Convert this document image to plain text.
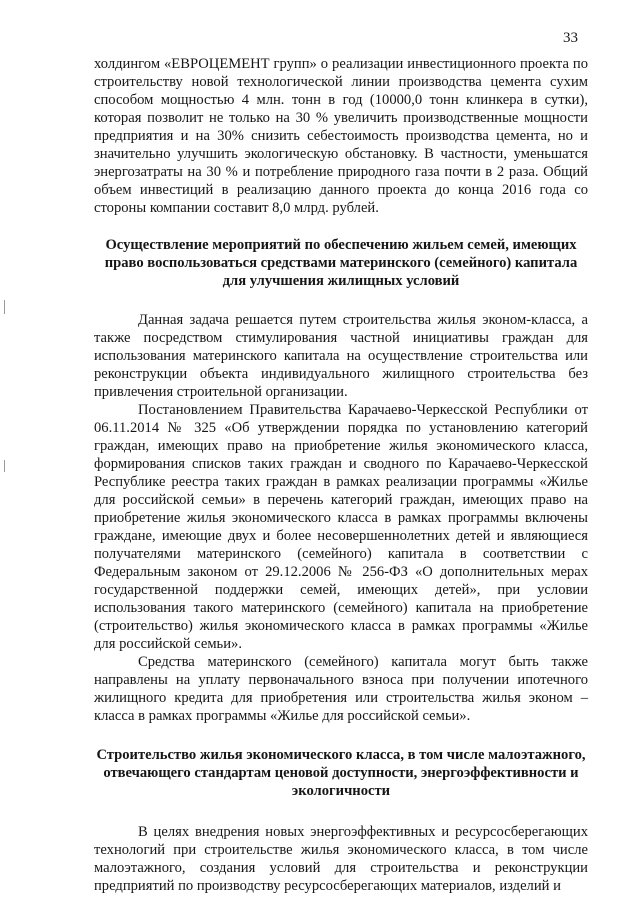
33

холдингом «ЕВРОЦЕМЕНТ групп» о реализации инвестиционного проекта по строительству новой технологической линии производства цемента сухим способом мощностью 4 млн. тонн в год (10000,0 тонн клинкера в сутки), которая позволит не только на 30 % увеличить производственные мощности предприятия и на 30% снизить себестоимость производства цемента, но и значительно улучшить экологическую обстановку. В частности, уменьшатся энергозатраты на 30 % и потребление природного газа почти в 2 раза. Общий объем инвестиций в реализацию данного проекта до конца 2016 года со стороны компании составит 8,0 млрд. рублей.

Осуществление мероприятий по обеспечению жильем семей, имеющих право воспользоваться средствами материнского (семейного) капитала для улучшения жилищных условий

Данная задача решается путем строительства жилья эконом-класса, а также посредством стимулирования частной инициативы граждан для использования материнского капитала на осуществление строительства или реконструкции объекта индивидуального жилищного строительства без привлечения строительной организации.

Постановлением Правительства Карачаево-Черкесской Республики от 06.11.2014 № 325 «Об утверждении порядка по установлению категорий граждан, имеющих право на приобретение жилья экономического класса, формирования списков таких граждан и сводного по Карачаево-Черкесской Республике реестра таких граждан в рамках реализации программы «Жилье для российской семьи» в перечень категорий граждан, имеющих право на приобретение жилья экономического класса в рамках программы включены граждане, имеющие двух и более несовершеннолетних детей и являющиеся получателями материнского (семейного) капитала в соответствии с Федеральным законом от 29.12.2006 № 256-ФЗ «О дополнительных мерах государственной поддержки семей, имеющих детей», при условии использования такого материнского (семейного) капитала на приобретение (строительство) жилья экономического класса в рамках программы «Жилье для российской семьи».

Средства материнского (семейного) капитала могут быть также направлены на уплату первоначального взноса при получении ипотечного жилищного кредита для приобретения или строительства жилья эконом – класса в рамках программы «Жилье для российской семьи».

Строительство жилья экономического класса, в том числе малоэтажного, отвечающего стандартам ценовой доступности, энергоэффективности и экологичности

В целях внедрения новых энергоэффективных и ресурсосберегающих технологий при строительстве жилья экономического класса, в том числе малоэтажного, создания условий для строительства и реконструкции предприятий по производству ресурсосберегающих материалов, изделий и
